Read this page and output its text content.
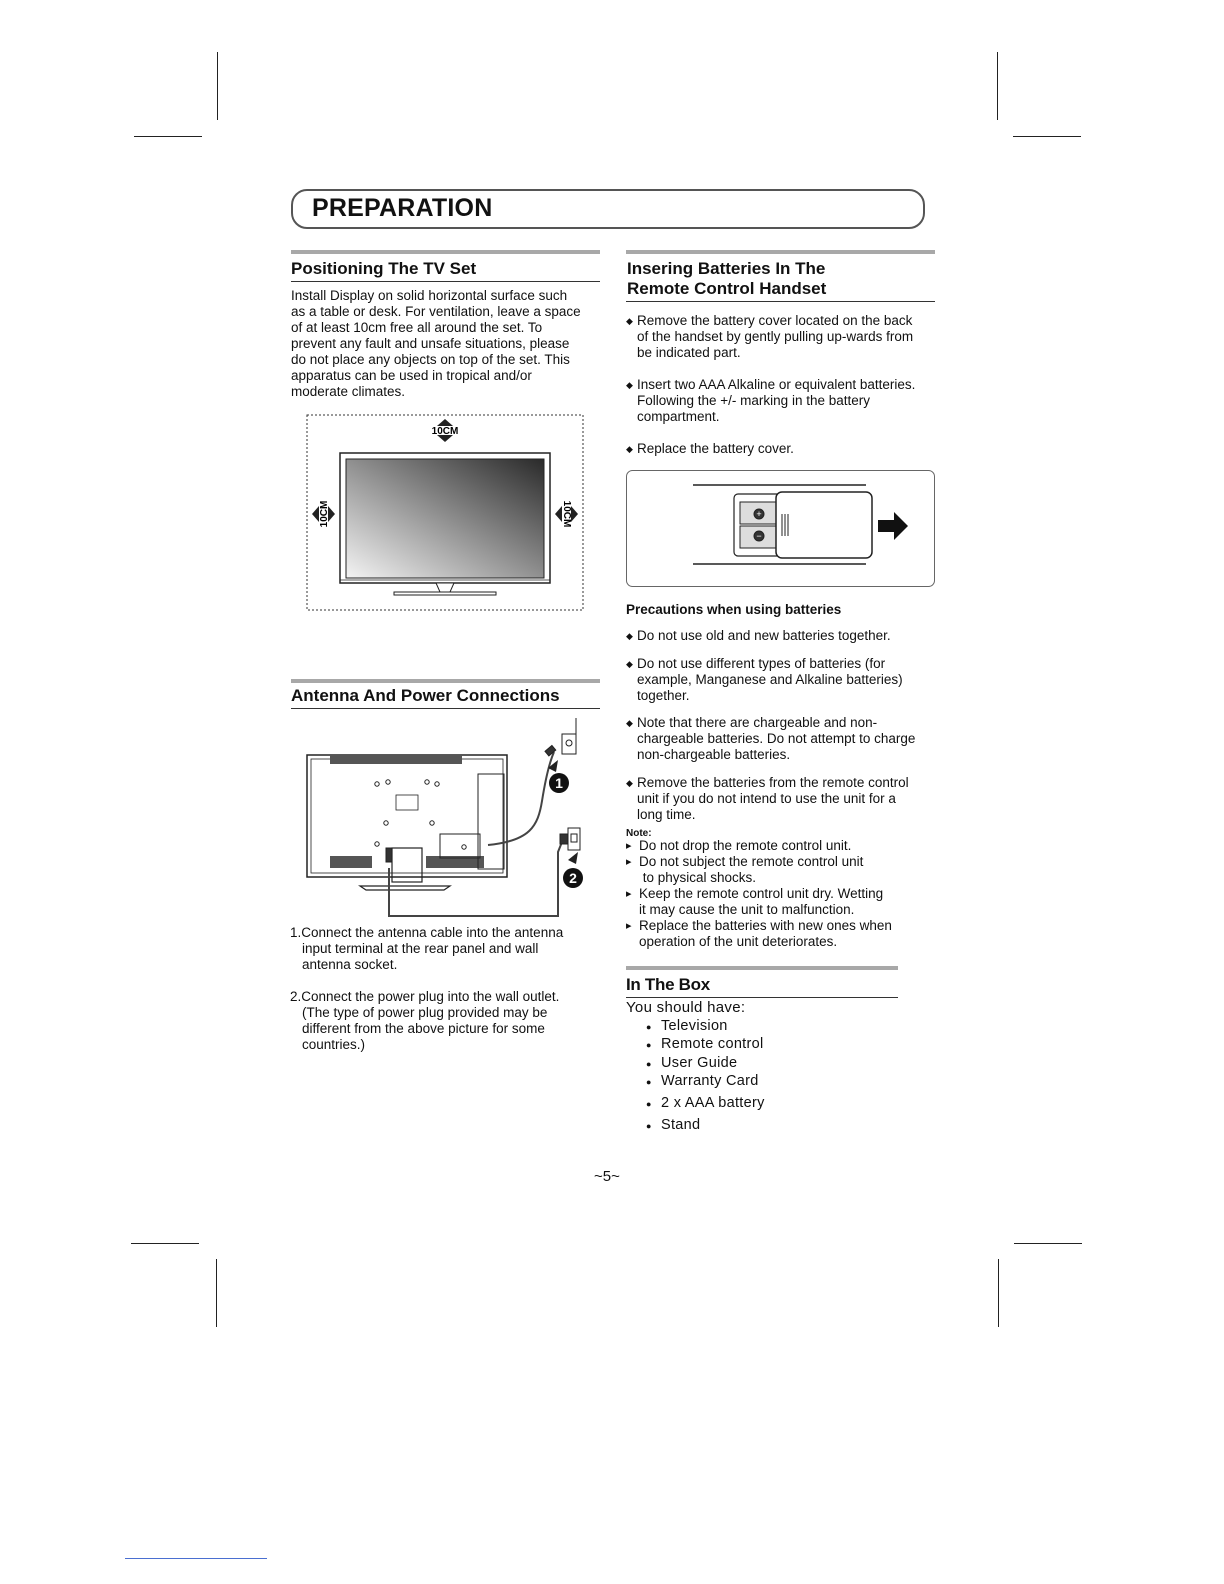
PREPARATION
Positioning The TV Set
Install Display on solid horizontal surface such
as a table or desk. For ventilation, leave a space
of at least 10cm free all around the set. To
prevent any fault and unsafe situations, please
do not place any objects on top of the set. This
apparatus can be used in tropical and/or
moderate climates.
10CM
10CM	10CM
Antenna And Power Connections
1
2
1.Connect the antenna cable into the antenna
input terminal at the rear panel and wall
antenna socket.
2.Connect the power plug into the wall outlet.
(The type of power plug provided may be
different from the above picture for some
countries.)
Insering Batteries In The
Remote Control Handset
◆ Remove the battery cover located on the back
of the handset by gently pulling up-wards from
be indicated part.
◆ Insert two AAA Alkaline or equivalent batteries.
Following the +/- marking in the battery
compartment.
◆ Replace the battery cover.
+
−
Precautions when using batteries
◆ Do not use old and new batteries together.
◆ Do not use different types of batteries (for
example, Manganese and Alkaline batteries)
together.
◆ Note that there are chargeable and non-
chargeable batteries. Do not attempt to charge
non-chargeable batteries.
◆ Remove the batteries from the remote control
unit if you do not intend to use the unit for a
long time.
Note:
▸ Do not drop the remote control unit.
▸ Do not subject the remote control unit
to physical shocks.
▸ Keep the remote control unit dry. Wetting
it may cause the unit to malfunction.
▸ Replace the batteries with new ones when
operation of the unit deteriorates.
In The Box
You should have:
● Television
● Remote control
● User Guide
● Warranty Card
● 2 x AAA battery
● Stand
~5~
